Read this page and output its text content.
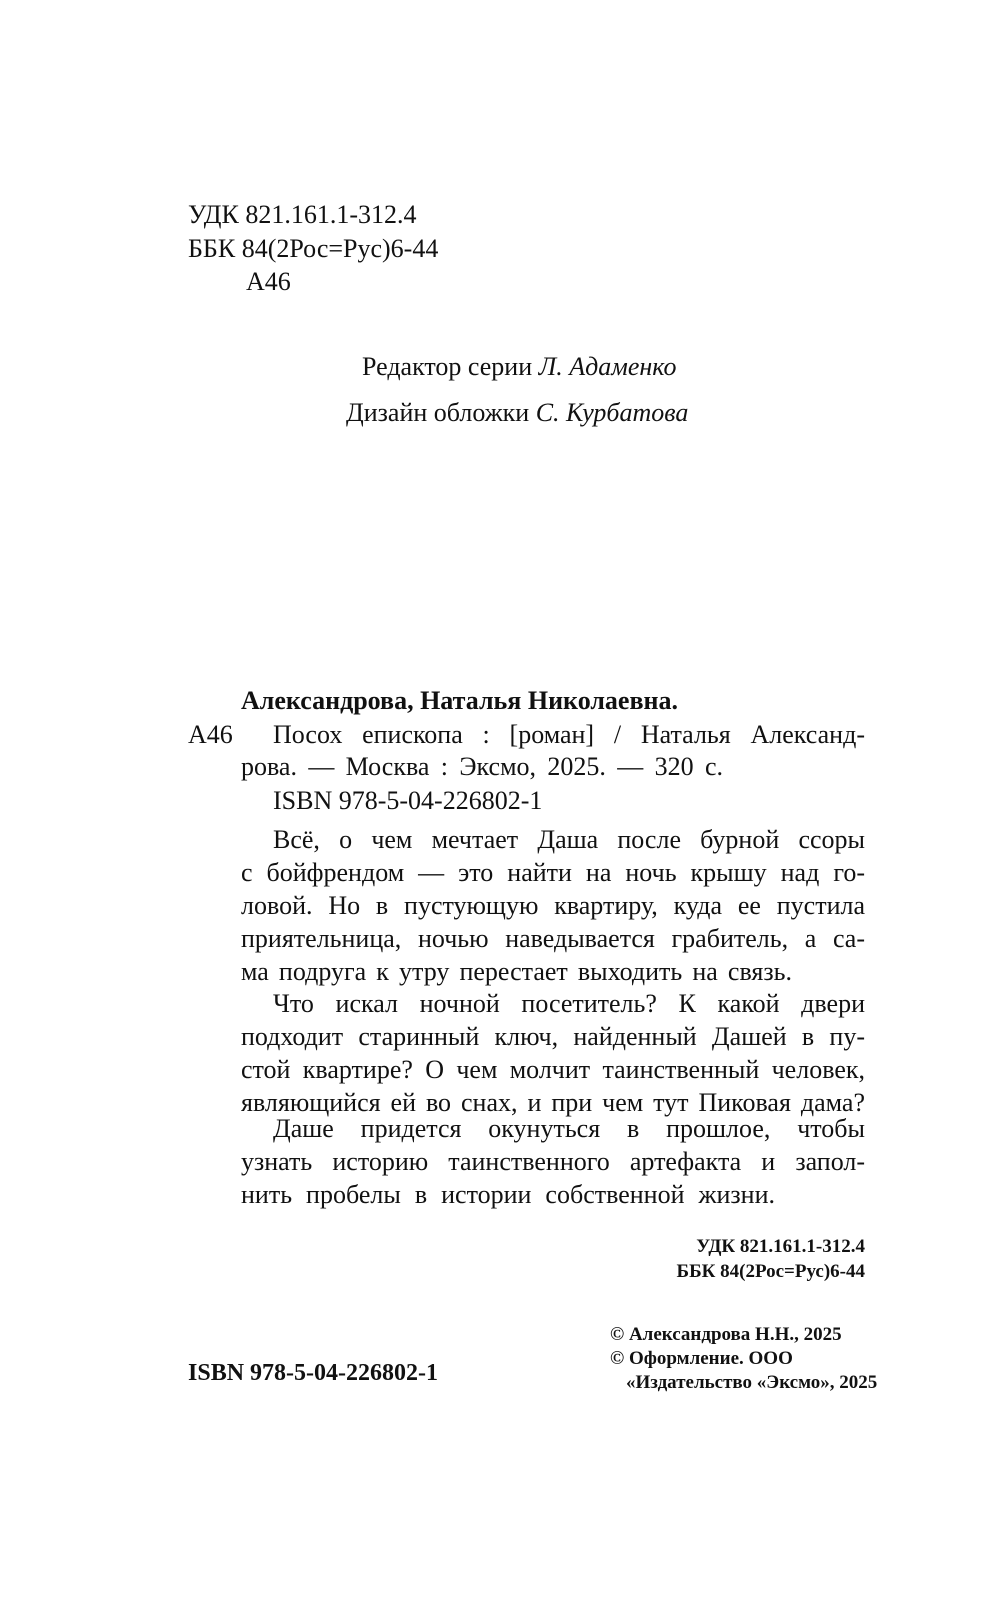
УДК 821.161.1-312.4
ББК 84(2Рос=Рус)6-44
А46
Редактор серии Л. Адаменко
Дизайн обложки С. Курбатова
Александрова, Наталья Николаевна.
А46 Посох епископа : [роман] / Наталья Александ-
рова. — Москва : Эксмо, 2025. — 320 с.
ISBN 978-5-04-226802-1
Всё, о чем мечтает Даша после бурной ссоры
с бойфрендом — это найти на ночь крышу над го-
ловой. Но в пустующую квартиру, куда ее пустила
приятельница, ночью наведывается грабитель, а са-
ма подруга к утру перестает выходить на связь.
Что искал ночной посетитель? К какой двери
подходит старинный ключ, найденный Дашей в пу-
стой квартире? О чем молчит таинственный человек,
являющийся ей во снах, и при чем тут Пиковая дама?
Даше придется окунуться в прошлое, чтобы
узнать историю таинственного артефакта и запол-
нить пробелы в истории собственной жизни.
УДК 821.161.1-312.4
ББК 84(2Рос=Рус)6-44
ISBN 978-5-04-226802-1
© Александрова Н.Н., 2025
© Оформление. ООО
«Издательство «Эксмо», 2025
